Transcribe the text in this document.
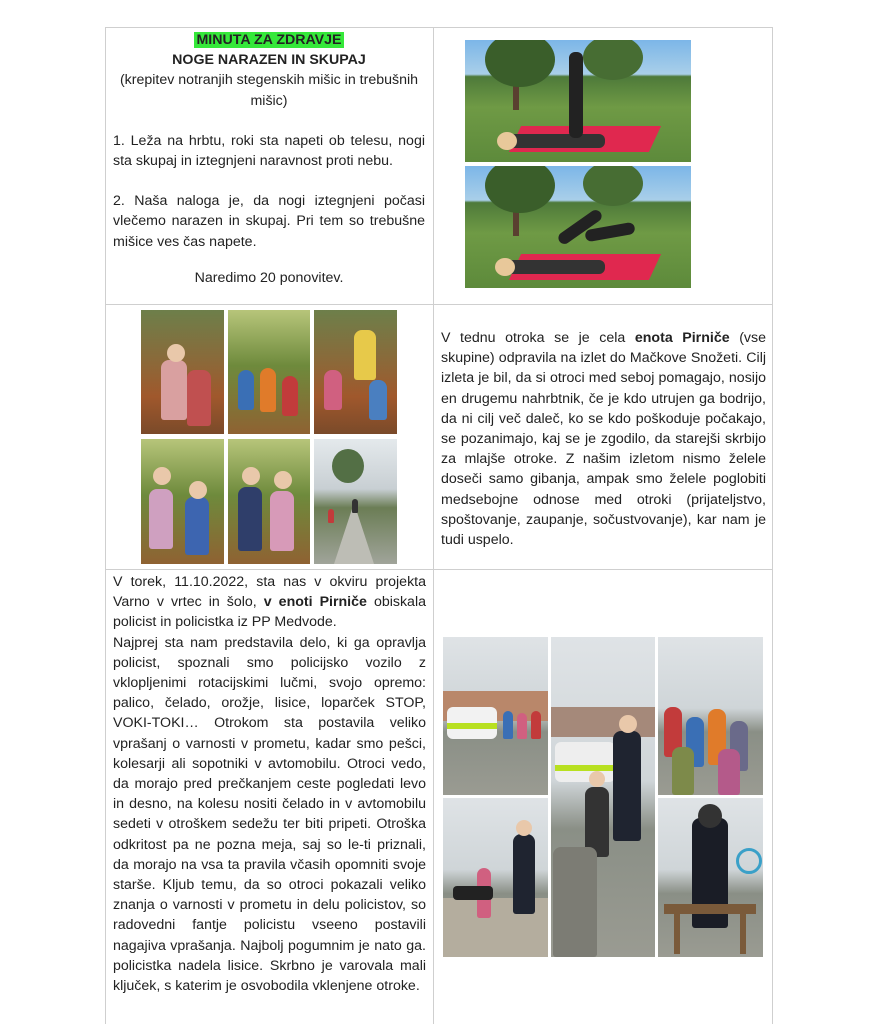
MINUTA ZA ZDRAVJE

NOGE NARAZEN IN SKUPAJ

(krepitev notranjih stegenskih mišic in trebušnih mišic)

1. Leža na hrbtu, roki sta napeti ob telesu, nogi sta skupaj in iztegnjeni naravnost proti nebu.

2. Naša naloga je, da nogi iztegnjeni počasi vlečemo narazen in skupaj. Pri tem so trebušne mišice ves čas napete.

Naredimo 20 ponovitev.

V tednu otroka se je cela enota Pirniče (vse skupine) odpravila na izlet do Mačkove Snožeti. Cilj izleta je bil, da si otroci med seboj pomagajo, nosijo en drugemu nahrbtnik, če je kdo utrujen ga bodrijo, da ni cilj več daleč, ko se kdo poškoduje počakajo, se pozanimajo, kaj se je zgodilo, da starejši skrbijo za mlajše otroke. Z našim izletom nismo želele doseči samo gibanja, ampak smo želele poglobiti medsebojne odnose med otroki (prijateljstvo, spoštovanje, zaupanje, sočustvovanje), kar nam je tudi uspelo.

V torek, 11.10.2022, sta nas v okviru projekta Varno v vrtec in šolo, v enoti Pirniče obiskala policist in policistka iz PP Medvode.

Najprej sta nam predstavila delo, ki ga opravlja policist, spoznali smo policijsko vozilo z vklopljenimi rotacijskimi lučmi, svojo opremo: palico, čelado, orožje, lisice, loparček STOP, VOKI-TOKI… Otrokom sta postavila veliko vprašanj o varnosti v prometu, kadar smo pešci, kolesarji ali sopotniki v avtomobilu. Otroci vedo, da morajo pred prečkanjem ceste pogledati levo in desno, na kolesu nositi čelado in v avtomobilu sedeti v otroškem sedežu ter biti pripeti. Otroška odkritost pa ne pozna meja, saj so le-ti priznali, da morajo na vsa ta pravila včasih opomniti svoje starše. Kljub temu, da so otroci pokazali veliko znanja o varnosti v prometu in delu policistov, so radovedni fantje policistu vseeno postavili nagajiva vprašanja. Najbolj pogumnim je nato ga. policistka nadela lisice. Skrbno je varovala mali ključek, s katerim je osvobodila vklenjene otroke.
